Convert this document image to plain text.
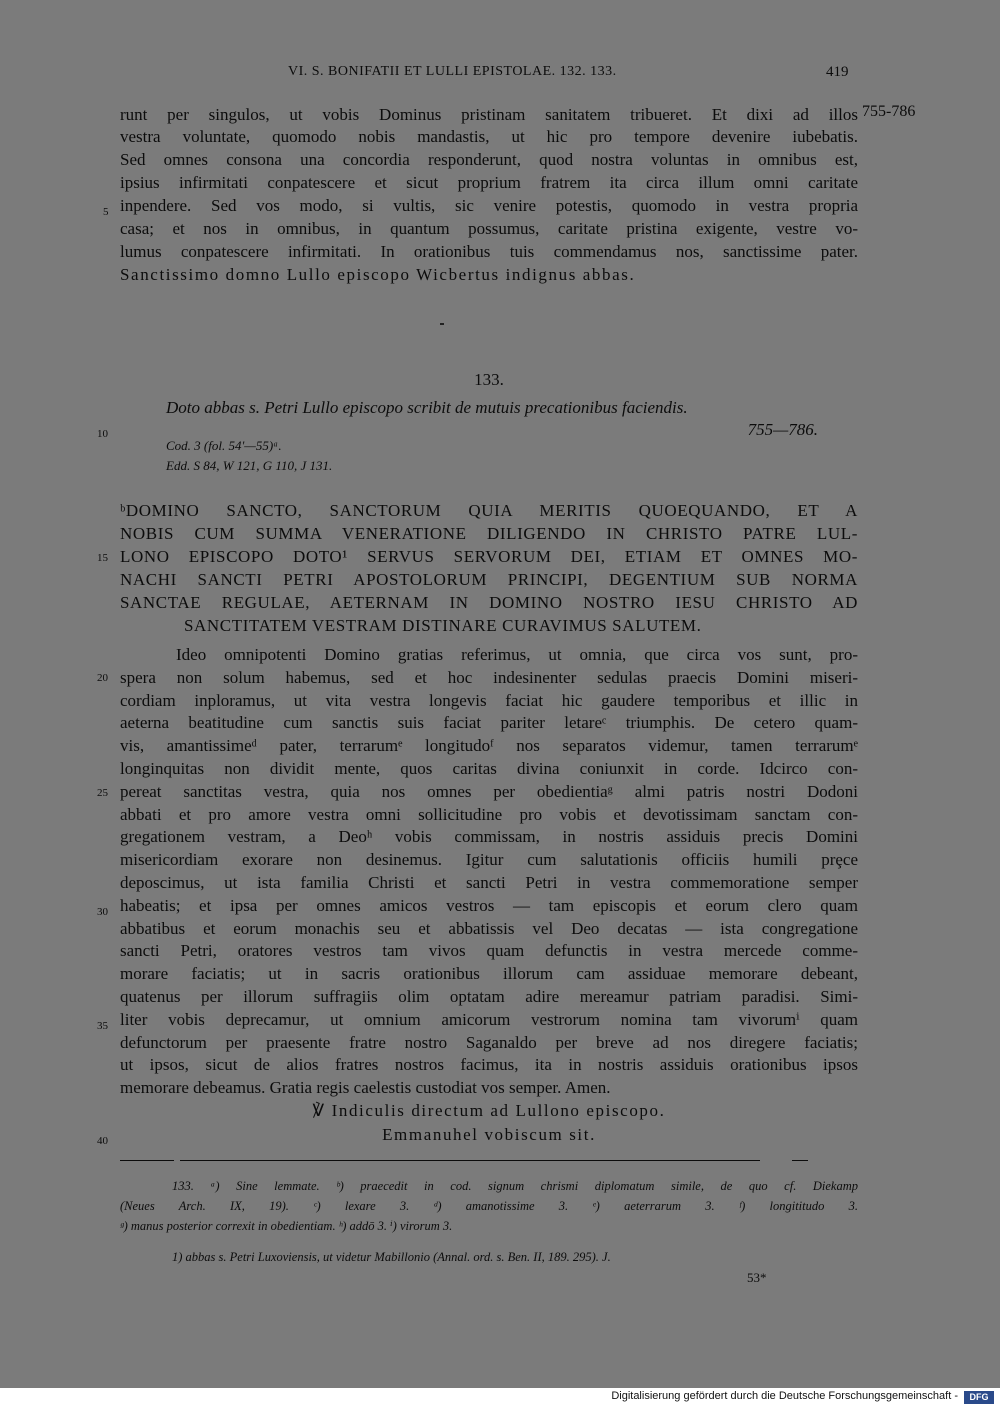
VI. S. BONIFATII ET LULLI EPISTOLAE. 132. 133.	419
755-786
5
10
15
20
25
30
35
40
runt per singulos, ut vobis Dominus pristinam sanitatem tribueret. Et dixi ad illos
vestra voluntate, quomodo nobis mandastis, ut hic pro tempore devenire iubebatis.
Sed omnes consona una concordia responderunt, quod nostra voluntas in omnibus est,
ipsius infirmitati conpatescere et sicut proprium fratrem ita circa illum omni caritate
inpendere. Sed vos modo, si vultis, sic venire potestis, quomodo in vestra propria
casa; et nos in omnibus, in quantum possumus, caritate pristina exigente, vestre vo-
lumus conpatescere infirmitati. In orationibus tuis commendamus nos, sanctissime pater.
Sanctissimo domno Lullo episcopo Wicbertus indignus abbas.
133.
Doto abbas s. Petri Lullo episcopo scribit de mutuis precationibus faciendis.
755—786.
Cod. 3 (fol. 54'—55)ᵃ.
Edd. S 84, W 121, G 110, J 131.
ᵇDOMINO SANCTO, SANCTORUM QUIA MERITIS QUOEQUANDO, ET A
NOBIS CUM SUMMA VENERATIONE DILIGENDO IN CHRISTO PATRE LUL-
LONO EPISCOPO DOTO¹ SERVUS SERVORUM DEI, ETIAM ET OMNES MO-
NACHI SANCTI PETRI APOSTOLORUM PRINCIPI, DEGENTIUM SUB NORMA
SANCTAE REGULAE, AETERNAM IN DOMINO NOSTRO IESU CHRISTO AD
SANCTITATEM VESTRAM DISTINARE CURAVIMUS SALUTEM.
Ideo omnipotenti Domino gratias referimus, ut omnia, que circa vos sunt, pro-
spera non solum habemus, sed et hoc indesinenter sedulas praecis Domini miseri-
cordiam inploramus, ut vita vestra longevis faciat hic gaudere temporibus et illic in
aeterna beatitudine cum sanctis suis faciat pariter letareᶜ triumphis. De cetero quam-
vis, amantissimeᵈ pater, terrarumᵉ longitudoᶠ nos separatos videmur, tamen terrarumᵉ
longinquitas non dividit mente, quos caritas divina coniunxit in corde. Idcirco con-
pereat sanctitas vestra, quia nos omnes per obedientiaᵍ almi patris nostri Dodoni
abbati et pro amore vestra omni sollicitudine pro vobis et devotissimam sanctam con-
gregationem vestram, a Deoʰ vobis commissam, in nostris assiduis precis Domini
misericordiam exorare non desinemus. Igitur cum salutationis officiis humili prȩce
deposcimus, ut ista familia Christi et sancti Petri in vestra commemoratione semper
habeatis; et ipsa per omnes amicos vestros — tam episcopis et eorum clero quam
abbatibus et eorum monachis seu et abbatissis vel Deo decatas — ista congregatione
sancti Petri, oratores vestros tam vivos quam defunctis in vestra mercede comme-
morare faciatis; ut in sacris orationibus illorum cam assiduae memorare debeant,
quatenus per illorum suffragiis olim optatam adire mereamur patriam paradisi. Simi-
liter vobis deprecamur, ut omnium amicorum vestrorum nomina tam vivorumⁱ quam
defunctorum per praesente fratre nostro Saganaldo per breve ad nos diregere faciatis;
ut ipsos, sicut de alios fratres nostros facimus, ita in nostris assiduis orationibus ipsos
memorare debeamus. Gratia regis caelestis custodiat vos semper. Amen.
℣ Indiculis directum ad Lullono episcopo.
Emmanuhel vobiscum sit.
133. ᵃ) Sine lemmate. ᵇ) praecedit in cod. signum chrismi diplomatum simile, de quo cf. Diekamp
(Neues Arch. IX, 19). ᶜ) lexare 3. ᵈ) amanotissime 3. ᵉ) aeterrarum 3. ᶠ) longititudo 3.
ᵍ) manus posterior correxit in obedientiam. ʰ) addō 3. ⁱ) virorum 3.
1) abbas s. Petri Luxoviensis, ut videtur Mabillonio (Annal. ord. s. Ben. II, 189. 295). J.
53*
Digitalisierung gefördert durch die Deutsche Forschungsgemeinschaft -	DFG
